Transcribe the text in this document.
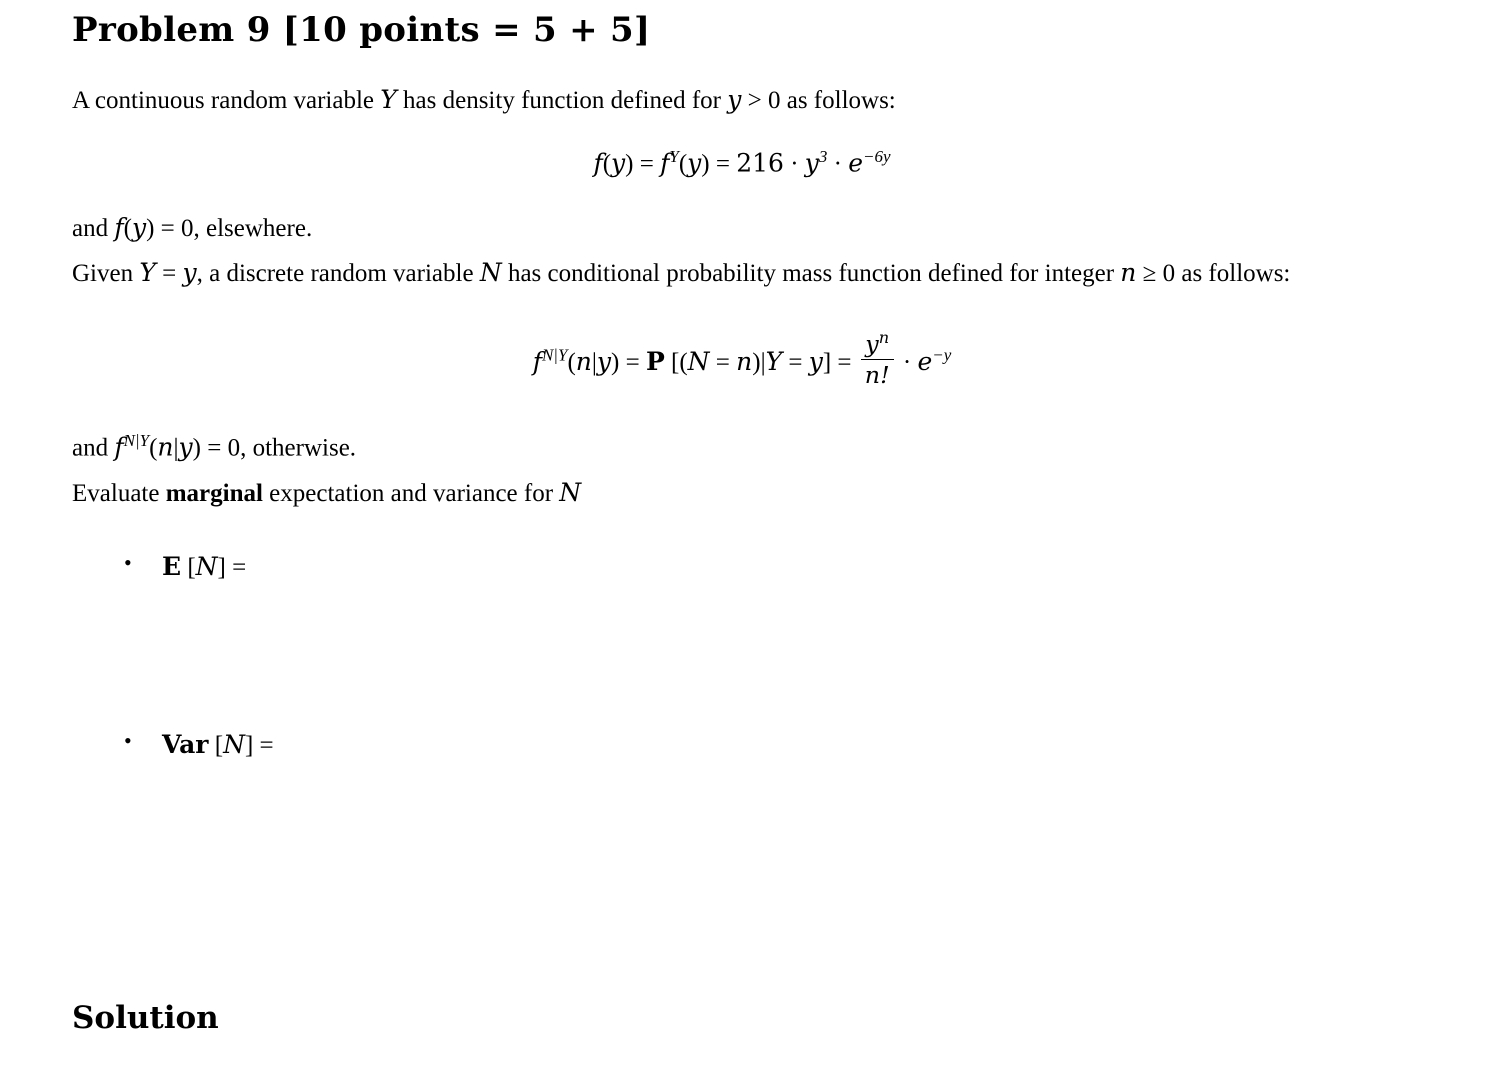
Problem 9 [10 points = 5 + 5]

A continuous random variable Y has density function defined for y > 0 as follows:

$f(y) = f^Y(y) = 216 \cdot y^3 \cdot e^{-6y}$

and f(y) = 0, elsewhere.

Given Y = y, a discrete random variable N has conditional probability mass function defined for integer n ≥ 0 as follows:

$f^{N|Y}(n|y) = P$ $[(N = n)|Y = y] = \frac{y^n}{n!} \cdot e^{-y}$

and $f^{N|Y}(n|y) = 0$, otherwise.

Evaluate marginal expectation and variance for N

• E [N] =
• Var [N] =
Solution
